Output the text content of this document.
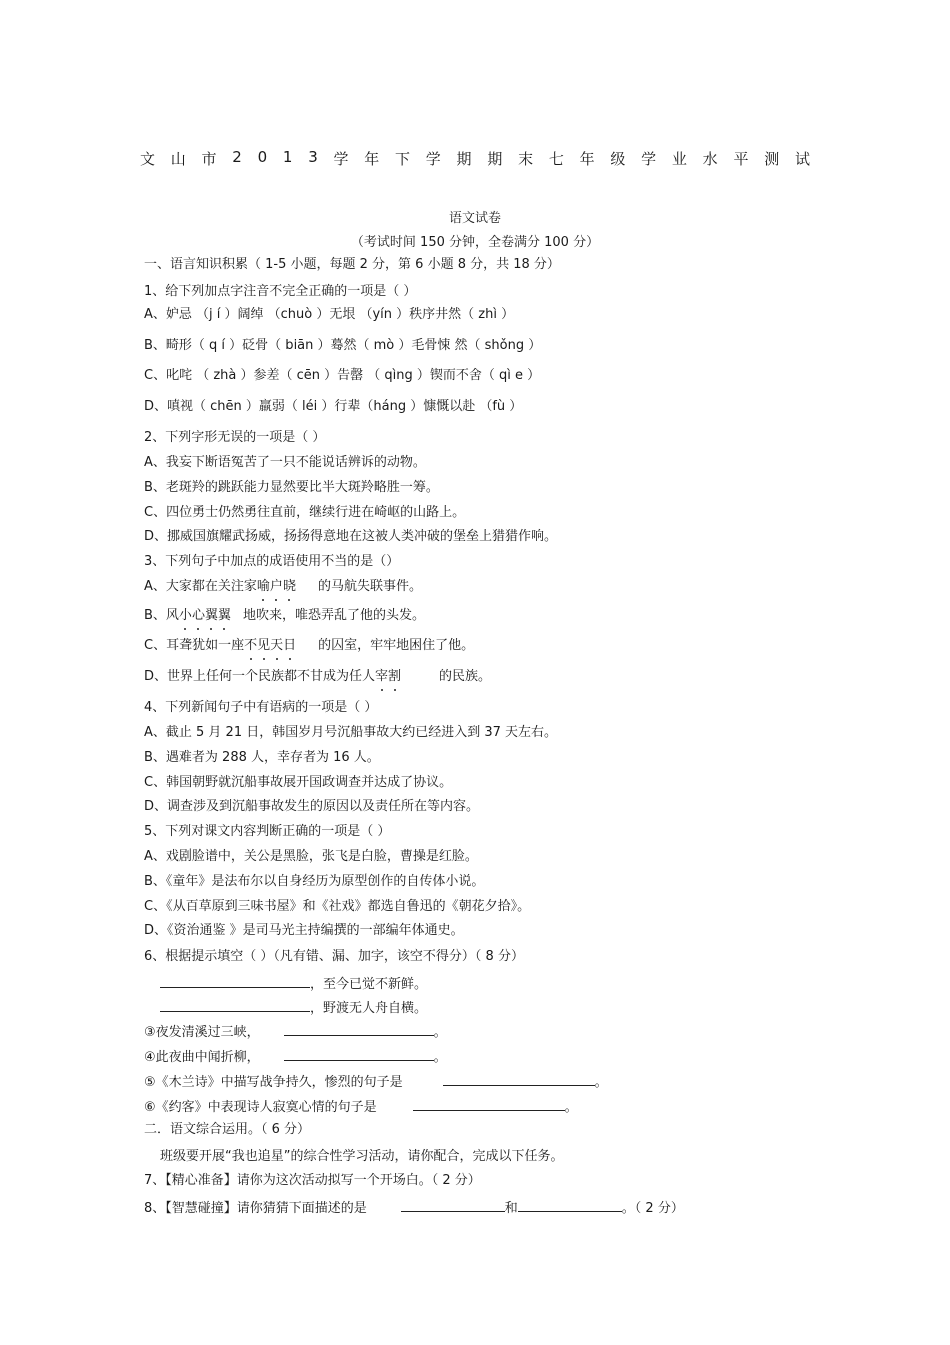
文 山 市 2 0 1 3 学 年 下 学 期 期 末 七 年 级 学 业 水 平 测 试
语文试卷
（考试时间 150 分钟，全卷满分 100 分）
一、语言知识积累（ 1-5 小题，每题 2 分，第 6 小题 8 分，共 18 分）
1、给下列加点字注音不完全正确的一项是（ ）
A、妒忌 （j í ）阔绰 （chuò ）无垠 （yín ）秩序井然（ zhì ）
B、畸形（ q í ）砭骨（ biān ）蓦然（ mò ）毛骨悚 然（ shǒng ）
C、叱咤 （ zhà ）参差（ cēn ）告罄 （ qìng ）锲而不舍（ qì e ）
D、嗔视（ chēn ）羸弱（ léi ）行辈（háng ）慷慨以赴 （fù ）
2、下列字形无误的一项是（ ）
A、我妄下断语冤苦了一只不能说话辨诉的动物。
B、老斑羚的跳跃能力显然要比半大斑羚略胜一筹。
C、四位勇士仍然勇往直前，继续行进在崎岖的山路上。
D、挪威国旗耀武扬威，扬扬得意地在这被人类冲破的堡垒上猎猎作响。
3、下列句子中加点的成语使用不当的是（）
A、大家都在关注家喻户晓 的马航失联事件。
B、风小心翼翼 地吹来，唯恐弄乱了他的头发。
C、耳聋犹如一座不见天日 的囚室，牢牢地困住了他。
D、世界上任何一个民族都不甘成为任人宰割	的民族。
4、下列新闻句子中有语病的一项是（ ）
A、截止 5 月 21 日，韩国岁月号沉船事故大约已经进入到 37 天左右。
B、遇难者为 288 人，幸存者为 16 人。
C、韩国朝野就沉船事故展开国政调查并达成了协议。
D、调查涉及到沉船事故发生的原因以及责任所在等内容。
5、下列对课文内容判断正确的一项是（ ）
A、戏剧脸谱中，关公是黑脸，张飞是白脸，曹操是红脸。
B、《童年》是法布尔以自身经历为原型创作的自传体小说。
C、《从百草原到三味书屋》和《社戏》都选自鲁迅的《朝花夕拾》。
D、《资治通鉴 》是司马光主持编撰的一部编年体通史。
6、根据提示填空（ ）（凡有错、漏、加字，该空不得分）（ 8 分）
，至今已觉不新鲜。
，野渡无人舟自横。
③夜发清溪过三峡，	。
④此夜曲中闻折柳，	。
⑤《木兰诗》中描写战争持久，惨烈的句子是	。
⑥《约客》中表现诗人寂寞心情的句子是	。
二．语文综合运用。（ 6 分）
班级要开展“我也追星”的综合性学习活动，请你配合，完成以下任务。
7、【精心准备】请你为这次活动拟写一个开场白。（ 2 分）
8、【智慧碰撞】请你猜猜下面描述的是	和	。（ 2 分）
